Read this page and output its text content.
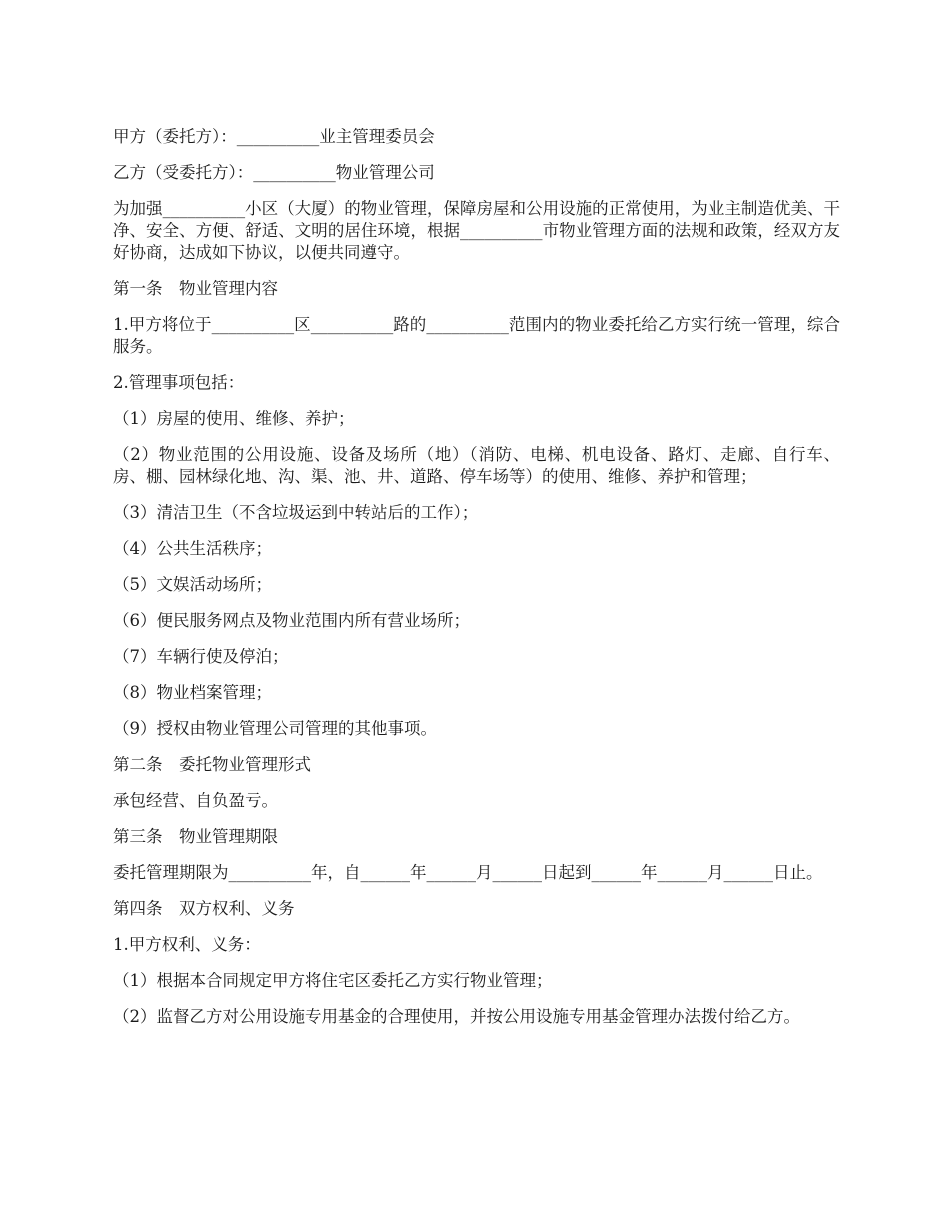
甲方（委托方）：__________业主管理委员会

乙方（受委托方）：__________物业管理公司

为加强__________小区（大厦）的物业管理，保障房屋和公用设施的正常使用，为业主制造优美、干净、安全、方便、舒适、文明的居住环境，根据__________市物业管理方面的法规和政策，经双方友好协商，达成如下协议，以便共同遵守。

第一条　物业管理内容

1.甲方将位于__________区__________路的__________范围内的物业委托给乙方实行统一管理，综合服务。

2.管理事项包括：

（1）房屋的使用、维修、养护；

（2）物业范围的公用设施、设备及场所（地）（消防、电梯、机电设备、路灯、走廊、自行车、房、棚、园林绿化地、沟、渠、池、井、道路、停车场等）的使用、维修、养护和管理；

（3）清洁卫生（不含垃圾运到中转站后的工作）；

（4）公共生活秩序；

（5）文娱活动场所；

（6）便民服务网点及物业范围内所有营业场所；

（7）车辆行使及停泊；

（8）物业档案管理；

（9）授权由物业管理公司管理的其他事项。

第二条　委托物业管理形式

承包经营、自负盈亏。

第三条　物业管理期限

委托管理期限为__________年，自______年______月______日起到______年______月______日止。

第四条　双方权利、义务

1.甲方权利、义务：

（1）根据本合同规定甲方将住宅区委托乙方实行物业管理；

（2）监督乙方对公用设施专用基金的合理使用，并按公用设施专用基金管理办法拨付给乙方。
